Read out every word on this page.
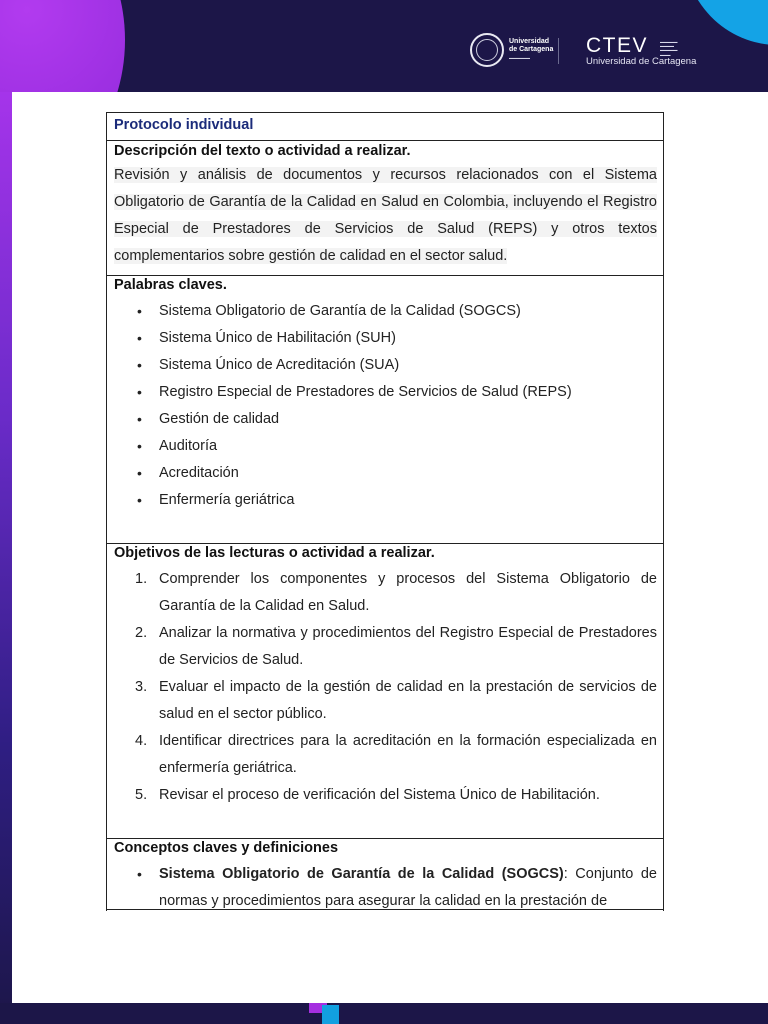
Universidad
de Cartagena
▬▬▬▬▬▬
CTEV	▬▬▬▬▬
▬▬▬▬
▬▬▬▬▬
▬▬▬
Universidad de Cartagena
Protocolo individual
Descripción del texto o actividad a realizar.
Revisión y análisis de documentos y recursos relacionados con el Sistema Obligatorio de Garantía de la Calidad en Salud en Colombia, incluyendo el Registro Especial de Prestadores de Servicios de Salud (REPS) y otros textos complementarios sobre gestión de calidad en el sector salud.
Palabras claves.
• Sistema Obligatorio de Garantía de la Calidad (SOGCS)
• Sistema Único de Habilitación (SUH)
• Sistema Único de Acreditación (SUA)
• Registro Especial de Prestadores de Servicios de Salud (REPS)
• Gestión de calidad
• Auditoría
• Acreditación
• Enfermería geriátrica
Objetivos de las lecturas o actividad a realizar.
1. Comprender los componentes y procesos del Sistema Obligatorio de Garantía de la Calidad en Salud.
2. Analizar la normativa y procedimientos del Registro Especial de Prestadores de Servicios de Salud.
3. Evaluar el impacto de la gestión de calidad en la prestación de servicios de salud en el sector público.
4. Identificar directrices para la acreditación en la formación especializada en enfermería geriátrica.
5. Revisar el proceso de verificación del Sistema Único de Habilitación.
Conceptos claves y definiciones
• Sistema Obligatorio de Garantía de la Calidad (SOGCS): Conjunto de normas y procedimientos para asegurar la calidad en la prestación de
